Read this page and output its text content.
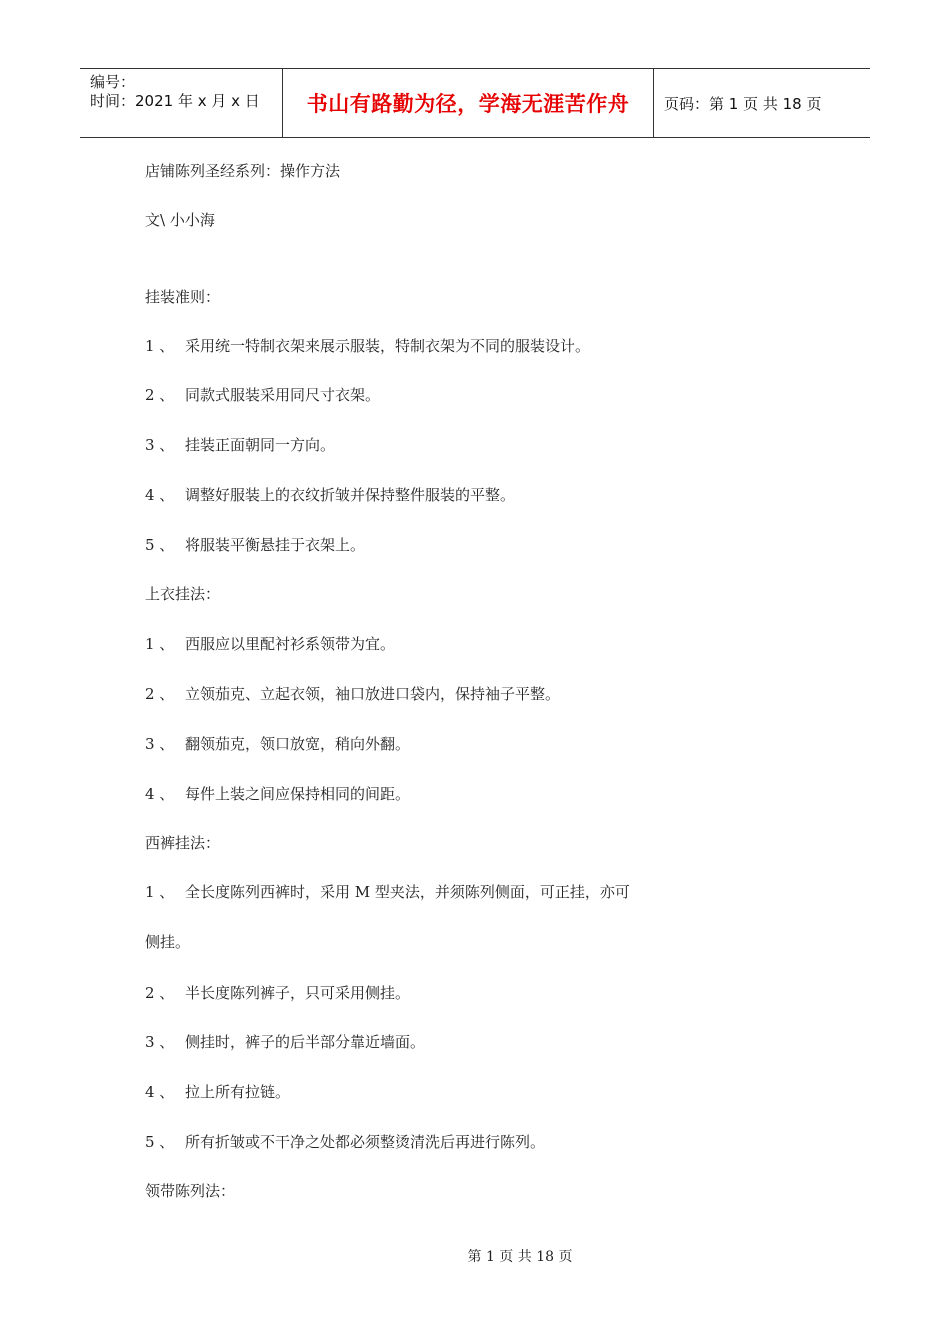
编号：
时间：2021 年 x 月 x 日	书山有路勤为径，学海无涯苦作舟	页码：第 1 页 共 18 页
店铺陈列圣经系列：操作方法
文\ 小小海
挂装准则：
1 、 采用统一特制衣架来展示服装，特制衣架为不同的服装设计。
2 、 同款式服装采用同尺寸衣架。
3 、 挂装正面朝同一方向。
4 、 调整好服装上的衣纹折皱并保持整件服装的平整。
5 、 将服装平衡悬挂于衣架上。
上衣挂法：
1 、 西服应以里配衬衫系领带为宜。
2 、 立领茄克、立起衣领，袖口放进口袋内，保持袖子平整。
3 、 翻领茄克，领口放宽，稍向外翻。
4 、 每件上装之间应保持相同的间距。
西裤挂法：
1 、 全长度陈列西裤时，采用 M 型夹法，并须陈列侧面，可正挂，亦可
侧挂。
2 、 半长度陈列裤子，只可采用侧挂。
3 、 侧挂时，裤子的后半部分靠近墙面。
4 、 拉上所有拉链。
5 、 所有折皱或不干净之处都必须整烫清洗后再进行陈列。
领带陈列法：
第 1 页 共 18 页
